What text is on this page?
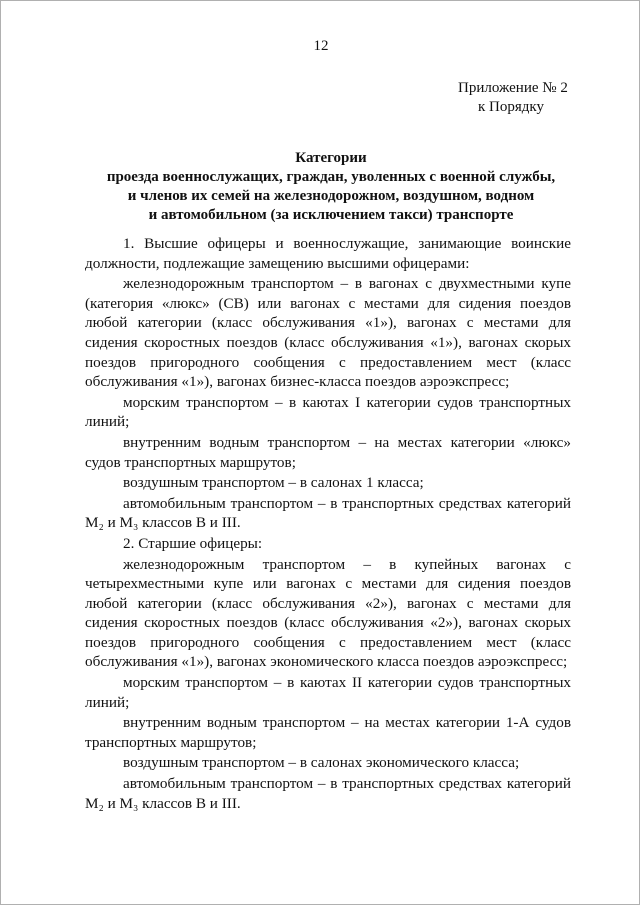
12
Приложение № 2
к Порядку
Категории
проезда военнослужащих, граждан, уволенных с военной службы,
и членов их семей на железнодорожном, воздушном, водном
и автомобильном (за исключением такси) транспорте

1. Высшие офицеры и военнослужащие, занимающие воинские должности, подлежащие замещению высшими офицерами:

железнодорожным транспортом – в вагонах с двухместными купе (категория «люкс» (СВ) или вагонах с местами для сидения поездов любой категории (класс обслуживания «1»), вагонах с местами для сидения скоростных поездов (класс обслуживания «1»), вагонах скорых поездов пригородного сообщения с предоставлением мест (класс обслуживания «1»), вагонах бизнес-класса поездов аэроэкспресс;

морским транспортом – в каютах I категории судов транспортных линий;

внутренним водным транспортом – на местах категории «люкс» судов транспортных маршрутов;

воздушным транспортом – в салонах 1 класса;

автомобильным транспортом – в транспортных средствах категорий M₂ и M₃ классов B и III.

2. Старшие офицеры:

железнодорожным транспортом – в купейных вагонах с четырехместными купе или вагонах с местами для сидения поездов любой категории (класс обслуживания «2»), вагонах с местами для сидения скоростных поездов (класс обслуживания «2»), вагонах скорых поездов пригородного сообщения с предоставлением мест (класс обслуживания «1»), вагонах экономического класса поездов аэроэкспресс;

морским транспортом – в каютах II категории судов транспортных линий;

внутренним водным транспортом – на местах категории 1-А судов транспортных маршрутов;

воздушным транспортом – в салонах экономического класса;

автомобильным транспортом – в транспортных средствах категорий M₂ и M₃ классов B и III.
